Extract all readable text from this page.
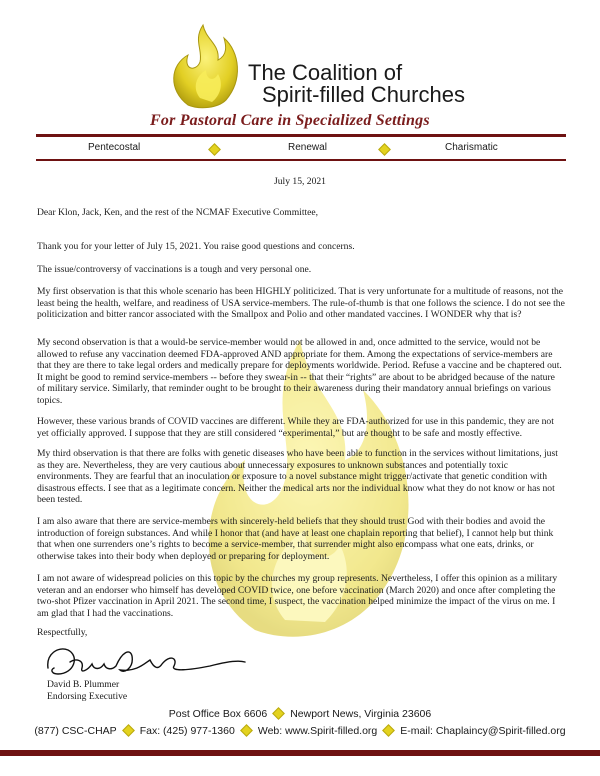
The Coalition of
Spirit-filled Churches
For Pastoral Care in Specialized Settings
Pentecostal	Renewal	Charismatic
July 15, 2021
Dear Klon, Jack, Ken, and the rest of the NCMAF Executive Committee,
Thank you for your letter of July 15, 2021. You raise good questions and concerns.
The issue/controversy of vaccinations is a tough and very personal one.
My first observation is that this whole scenario has been HIGHLY politicized. That is very unfortunate for a multitude of reasons, not the least being the health, welfare, and readiness of USA service-members. The rule-of-thumb is that one follows the science. I do not see the politicization and bitter rancor associated with the Smallpox and Polio and other mandated vaccines. I WONDER why that is?
My second observation is that a would-be service-member would not be allowed in and, once admitted to the service, would not be allowed to refuse any vaccination deemed FDA-approved AND appropriate for them. Among the expectations of service-members are that they are there to take legal orders and medically prepare for deployments worldwide. Period. Refuse a vaccine and be chaptered out. It might be good to remind service-members -- before they swear-in -- that their “rights” are about to be abridged because of the nature of military service. Similarly, that reminder ought to be brought to their awareness during their mandatory annual briefings on various topics.
However, these various brands of COVID vaccines are different. While they are FDA-authorized for use in this pandemic, they are not yet officially approved. I suppose that they are still considered “experimental,” but are thought to be safe and mostly effective.
My third observation is that there are folks with genetic diseases who have been able to function in the services without limitations, just as they are. Nevertheless, they are very cautious about unnecessary exposures to unknown substances and potentially toxic environments. They are fearful that an inoculation or exposure to a novel substance might trigger/activate that genetic condition with disastrous effects. I see that as a legitimate concern. Neither the medical arts nor the individual know what they do not know or has not been tested.
I am also aware that there are service-members with sincerely-held beliefs that they should trust God with their bodies and avoid the introduction of foreign substances. And while I honor that (and have at least one chaplain reporting that belief), I cannot help but think that when one surrenders one’s rights to become a service-member, that surrender might also encompass what one eats, drinks, or otherwise takes into their body when deployed or preparing for deployment.
I am not aware of widespread policies on this topic by the churches my group represents. Nevertheless, I offer this opinion as a military veteran and an endorser who himself has developed COVID twice, one before vaccination (March 2020) and once after completing the two-shot Pfizer vaccination in April 2021. The second time, I suspect, the vaccination helped minimize the impact of the virus on me. I am glad that I had the vaccinations.
Respectfully,
David B. Plummer
Endorsing Executive
Post Office Box 6606 Newport News, Virginia 23606
(877) CSC-CHAP Fax: (425) 977-1360 Web: www.Spirit-filled.org E-mail: Chaplaincy@Spirit-filled.org
